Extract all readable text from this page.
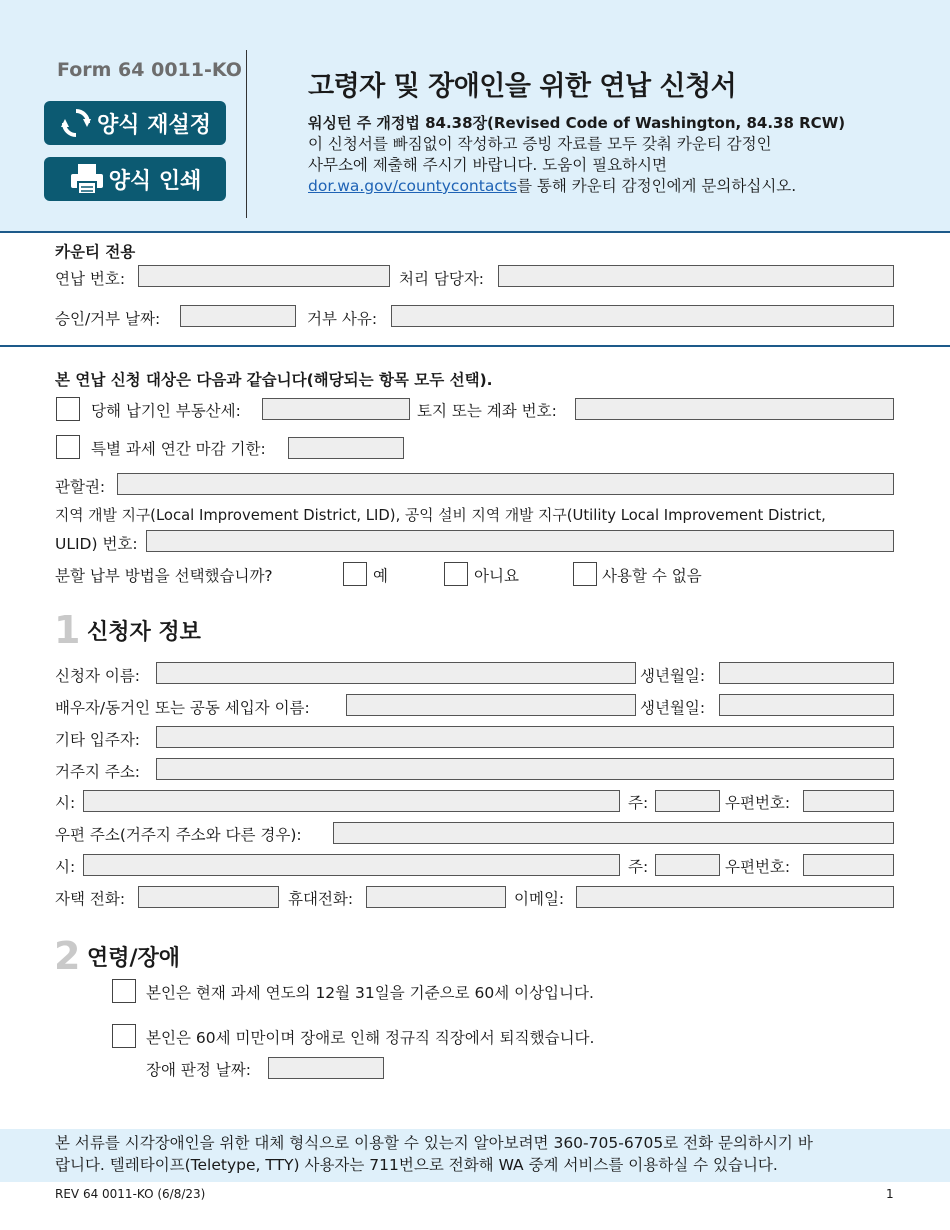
Form 64 0011-KO
양식 재설정
양식 인쇄
고령자 및 장애인을 위한 연납 신청서
워싱턴 주 개정법 84.38장(Revised Code of Washington, 84.38 RCW)
이 신청서를 빠짐없이 작성하고 증빙 자료를 모두 갖춰 카운티 감정인
사무소에 제출해 주시기 바랍니다. 도움이 필요하시면
dor.wa.gov/countycontacts를 통해 카운티 감정인에게 문의하십시오.
카운티 전용
연납 번호:	처리 담당자:
승인/거부 날짜:	거부 사유:
본 연납 신청 대상은 다음과 같습니다(해당되는 항목 모두 선택).
당해 납기인 부동산세:	토지 또는 계좌 번호:
특별 과세 연간 마감 기한:
관할권:
지역 개발 지구(Local Improvement District, LID), 공익 설비 지역 개발 지구(Utility Local Improvement District,
ULID) 번호:
분할 납부 방법을 선택했습니까?	예	아니요	사용할 수 없음
1 신청자 정보
신청자 이름:	생년월일:
배우자/동거인 또는 공동 세입자 이름:	생년월일:
기타 입주자:
거주지 주소:
시:	주:	우편번호:
우편 주소(거주지 주소와 다른 경우):
시:	주:	우편번호:
자택 전화:	휴대전화:	이메일:
2 연령/장애
본인은 현재 과세 연도의 12월 31일을 기준으로 60세 이상입니다.
본인은 60세 미만이며 장애로 인해 정규직 직장에서 퇴직했습니다.
장애 판정 날짜:
본 서류를 시각장애인을 위한 대체 형식으로 이용할 수 있는지 알아보려면 360-705-6705로 전화 문의하시기 바
랍니다. 텔레타이프(Teletype, TTY) 사용자는 711번으로 전화해 WA 중계 서비스를 이용하실 수 있습니다.
REV 64 0011-KO (6/8/23)	1
